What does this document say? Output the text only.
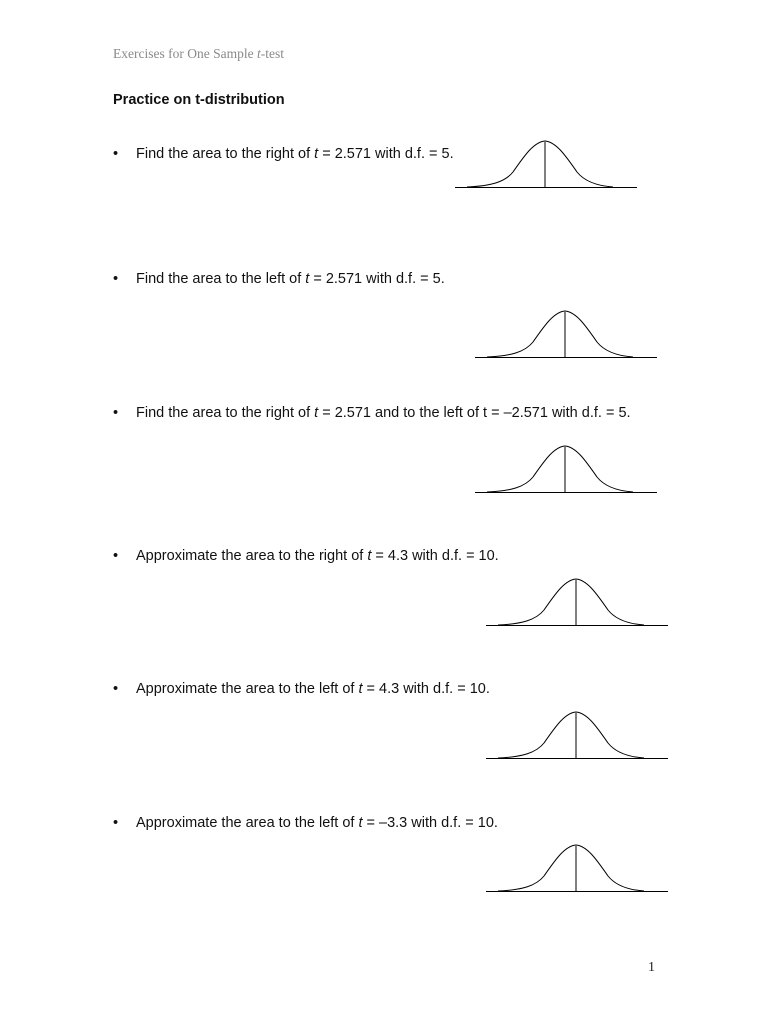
Exercises for One Sample t-test
Practice on t-distribution
• Find the area to the right of t = 2.571 with d.f. = 5.
• Find the area to the left of t = 2.571 with d.f. = 5.
• Find the area to the right of t = 2.571 and to the left of t = –2.571 with d.f. = 5.
• Approximate the area to the right of t = 4.3 with d.f. = 10.
• Approximate the area to the left of t = 4.3 with d.f. = 10.
• Approximate the area to the left of t = –3.3 with d.f. = 10.
1
